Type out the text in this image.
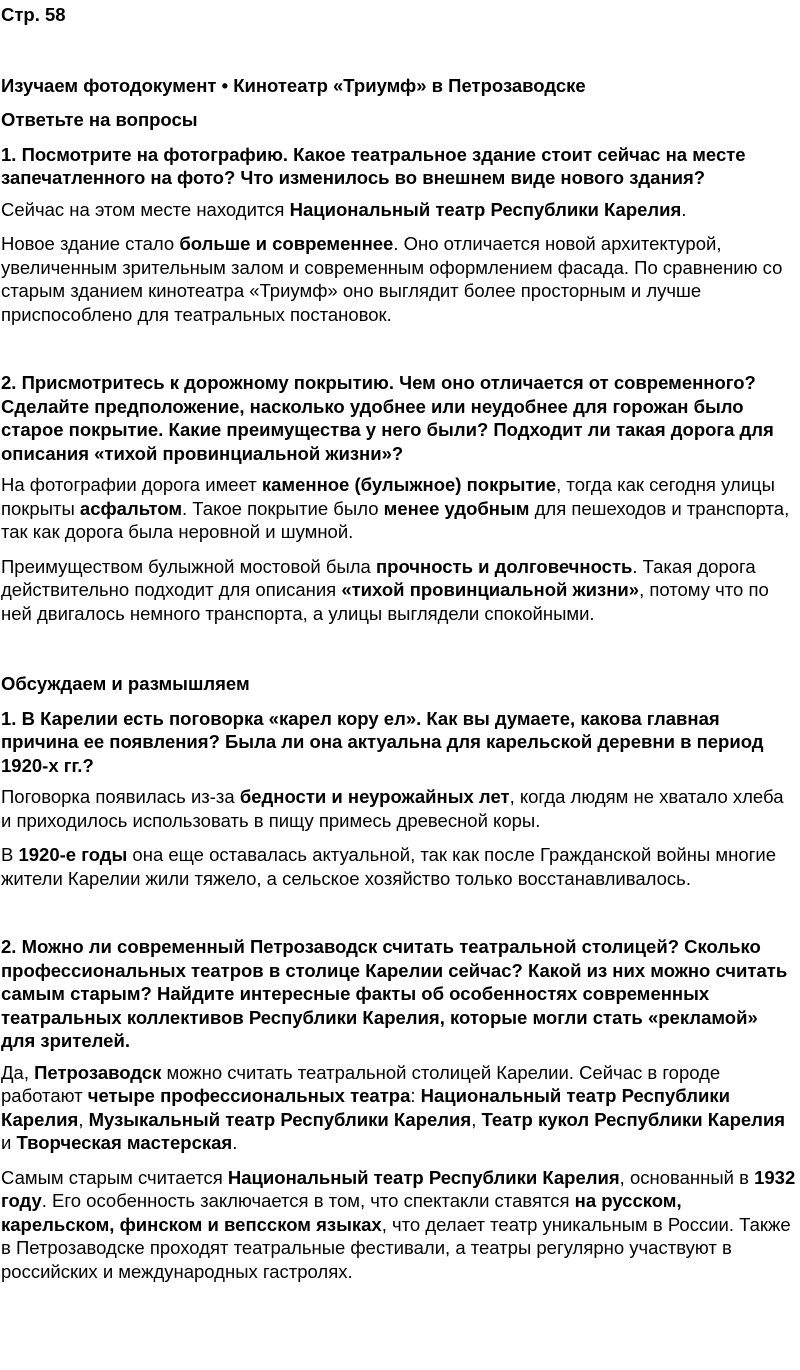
Стр. 58
Изучаем фотодокумент • Кинотеатр «Триумф» в Петрозаводске
Ответьте на вопросы
1. Посмотрите на фотографию. Какое театральное здание стоит сейчас на месте запечатленного на фото? Что изменилось во внешнем виде нового здания?

Сейчас на этом месте находится Национальный театр Республики Карелия.

Новое здание стало больше и современнее. Оно отличается новой архитектурой, увеличенным зрительным залом и современным оформлением фасада. По сравнению со старым зданием кинотеатра «Триумф» оно выглядит более просторным и лучше приспособлено для театральных постановок.

2. Присмотритесь к дорожному покрытию. Чем оно отличается от современного? Сделайте предположение, насколько удобнее или неудобнее для горожан было старое покрытие. Какие преимущества у него были? Подходит ли такая дорога для описания «тихой провинциальной жизни»?

На фотографии дорога имеет каменное (булыжное) покрытие, тогда как сегодня улицы покрыты асфальтом. Такое покрытие было менее удобным для пешеходов и транспорта, так как дорога была неровной и шумной.

Преимуществом булыжной мостовой была прочность и долговечность. Такая дорога действительно подходит для описания «тихой провинциальной жизни», потому что по ней двигалось немного транспорта, а улицы выглядели спокойными.

Обсуждаем и размышляем
1. В Карелии есть поговорка «карел кору ел». Как вы думаете, какова главная причина ее появления? Была ли она актуальна для карельской деревни в период 1920-х гг.?

Поговорка появилась из-за бедности и неурожайных лет, когда людям не хватало хлеба и приходилось использовать в пищу примесь древесной коры.

В 1920-е годы она еще оставалась актуальной, так как после Гражданской войны многие жители Карелии жили тяжело, а сельское хозяйство только восстанавливалось.

2. Можно ли современный Петрозаводск считать театральной столицей? Сколько профессиональных театров в столице Карелии сейчас? Какой из них можно считать самым старым? Найдите интересные факты об особенностях современных театральных коллективов Республики Карелия, которые могли стать «рекламой» для зрителей.

Да, Петрозаводск можно считать театральной столицей Карелии. Сейчас в городе работают четыре профессиональных театра: Национальный театр Республики Карелия, Музыкальный театр Республики Карелия, Театр кукол Республики Карелия и Творческая мастерская.

Самым старым считается Национальный театр Республики Карелия, основанный в 1932 году. Его особенность заключается в том, что спектакли ставятся на русском, карельском, финском и вепсском языках, что делает театр уникальным в России. Также в Петрозаводске проходят театральные фестивали, а театры регулярно участвуют в российских и международных гастролях.
